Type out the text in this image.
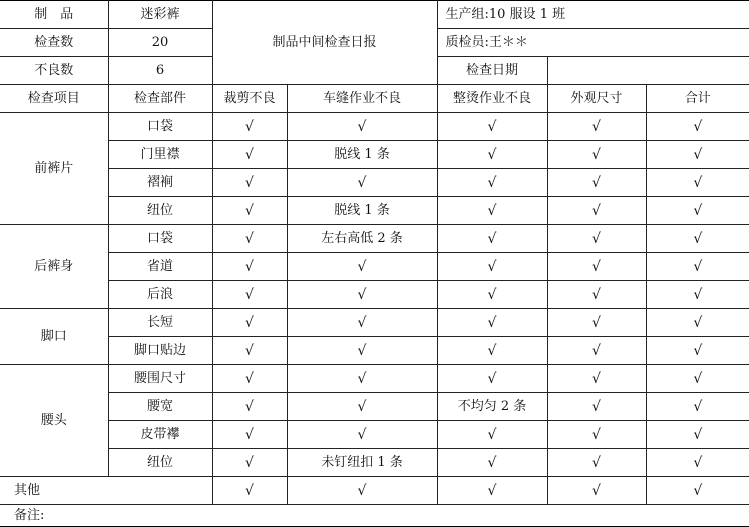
制　品	迷彩裤	制品中间检查日报		生产组:10 服设 1 班		
检查数	20			质检员:王＊＊		
不良数	6			检查日期		
检查项目	检查部件	裁剪不良	车缝作业不良	整烫作业不良	外观尺寸	合计
前裤片	口袋	√	√	√	√	√
	门里襟	√	脱线 1 条	√	√	√
	褶裥	√	√	√	√	√
	纽位	√	脱线 1 条	√	√	√
后裤身	口袋	√	左右高低 2 条	√	√	√
	省道	√	√	√	√	√
	后浪	√	√	√	√	√
脚口	长短	√	√	√	√	√
	脚口贴边	√	√	√	√	√
腰头	腰围尺寸	√	√	√	√	√
	腰宽	√	√	不均匀 2 条	√	√
	皮带襻	√	√	√	√	√
	纽位	√	未钉纽扣 1 条	√	√	√
其他		√	√	√	√	√
备注:						
